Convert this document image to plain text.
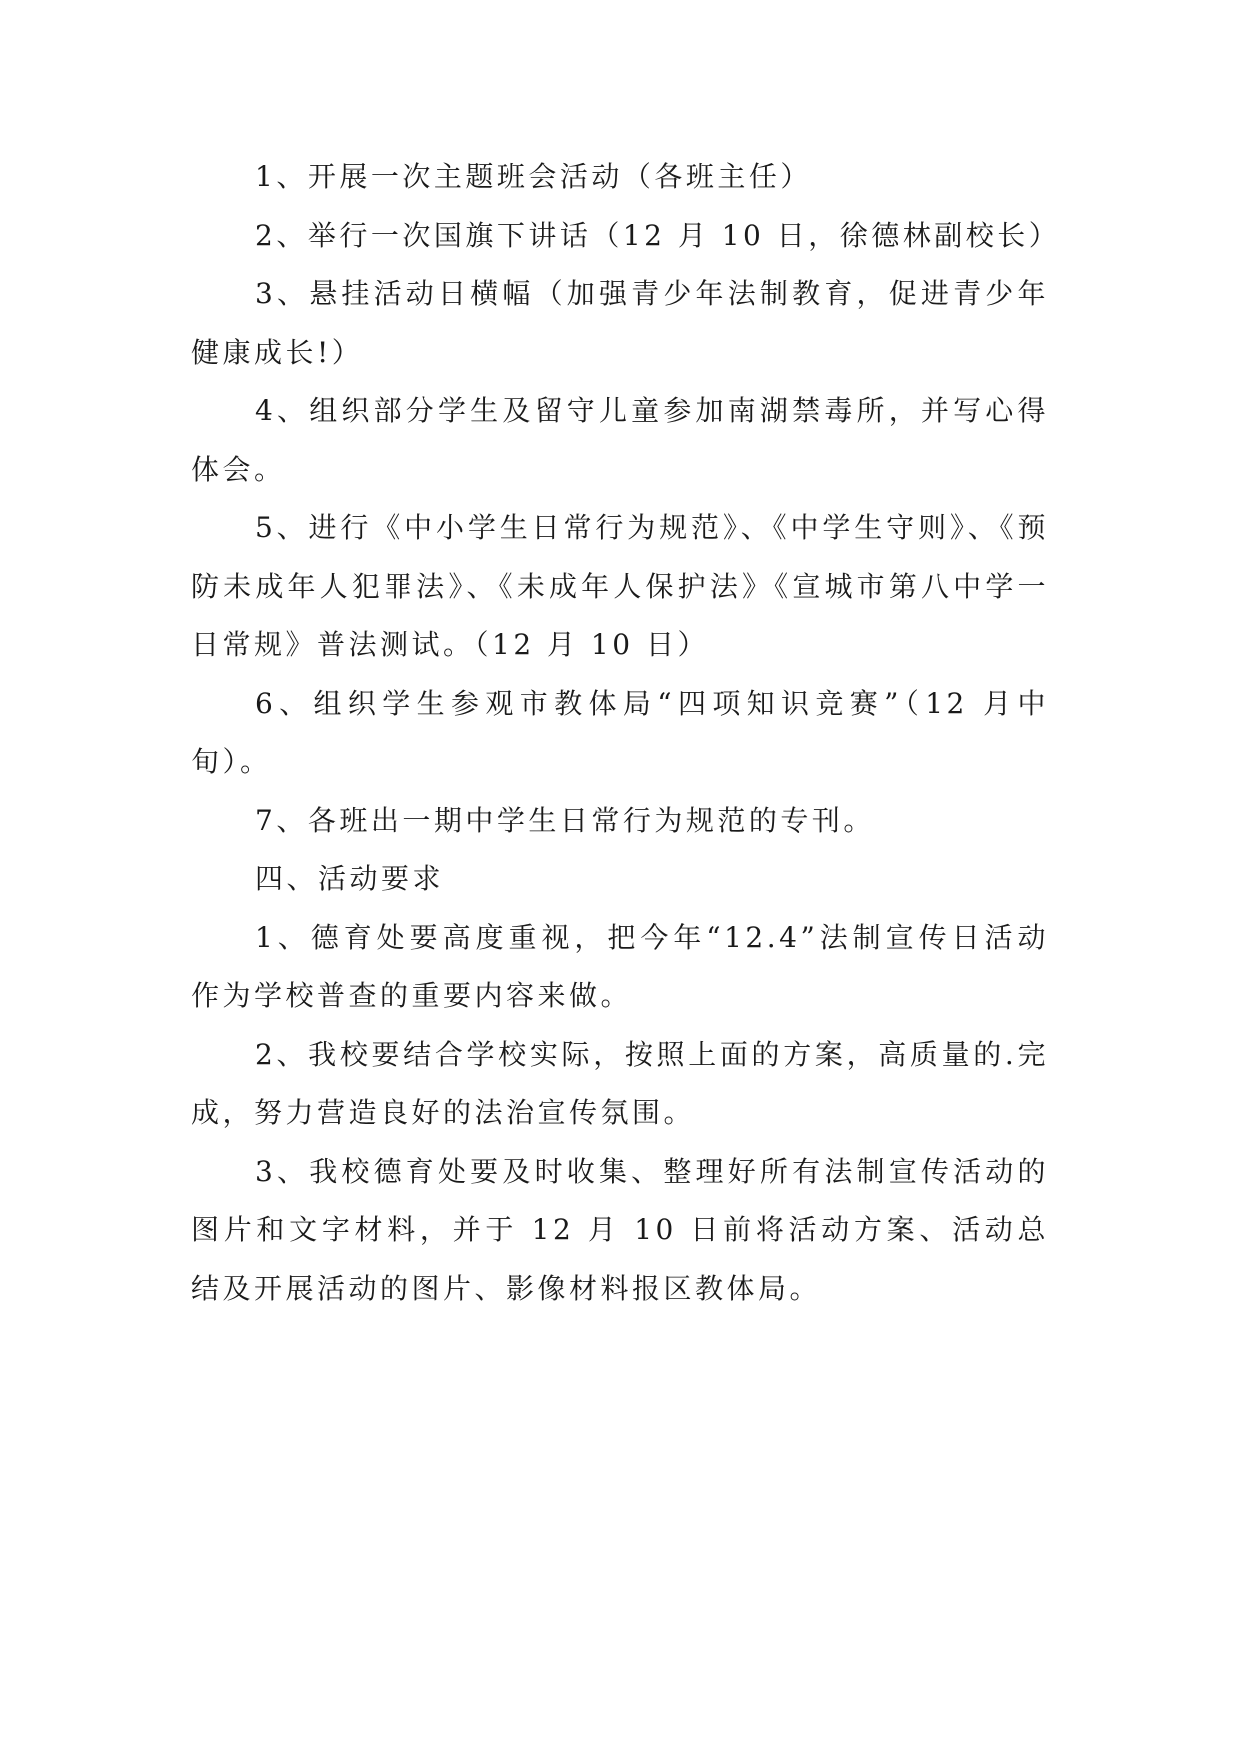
1、开展一次主题班会活动（各班主任）

2、举行一次国旗下讲话（12 月 10 日，徐德林副校长）

3、悬挂活动日横幅（加强青少年法制教育，促进青少年健康成长!）

4、组织部分学生及留守儿童参加南湖禁毒所，并写心得体会。

5、进行《中小学生日常行为规范》、《中学生守则》、《预防未成年人犯罪法》、《未成年人保护法》《宣城市第八中学一日常规》普法测试。（12 月 10 日）

6、组织学生参观市教体局“四项知识竞赛”（12 月中旬）。

7、各班出一期中学生日常行为规范的专刊。

四、活动要求

1、德育处要高度重视，把今年“12.4”法制宣传日活动作为学校普查的重要内容来做。

2、我校要结合学校实际，按照上面的方案，高质量的.完成，努力营造良好的法治宣传氛围。

3、我校德育处要及时收集、整理好所有法制宣传活动的图片和文字材料，并于 12 月 10 日前将活动方案、活动总结及开展活动的图片、影像材料报区教体局。
